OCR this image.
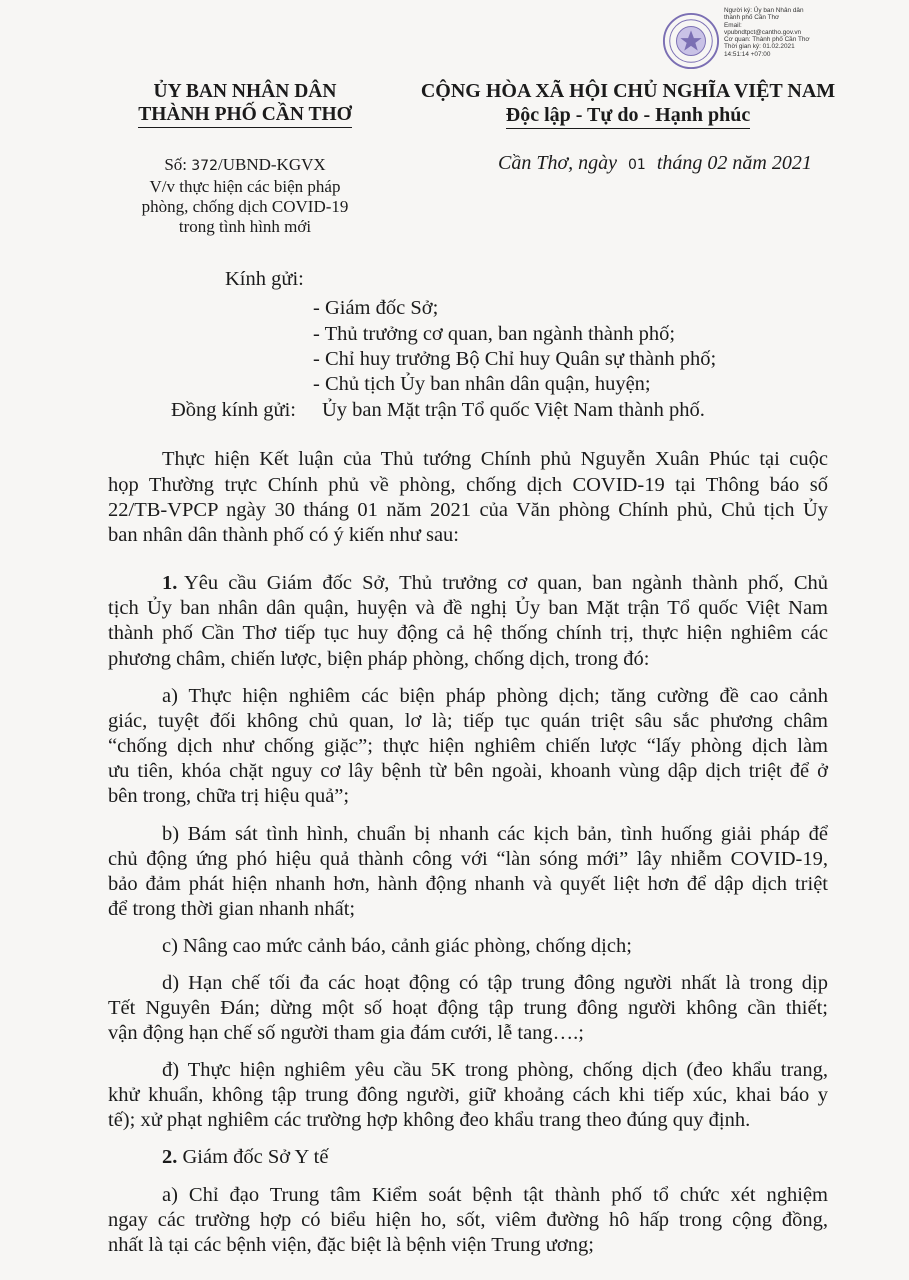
Người ký: Ủy ban Nhân dân
thành phố Cần Thơ
Email:
vpubndtpct@cantho.gov.vn
Cơ quan: Thành phố Cần Thơ
Thời gian ký: 01.02.2021
14:51:14 +07:00
ỦY BAN NHÂN DÂN
THÀNH PHỐ CẦN THƠ
CỘNG HÒA XÃ HỘI CHỦ NGHĨA VIỆT NAM
Độc lập - Tự do - Hạnh phúc
Số: 372/UBND-KGVX
V/v thực hiện các biện pháp
phòng, chống dịch COVID-19
trong tình hình mới
Cần Thơ, ngày 01 tháng 02 năm 2021
Kính gửi:
- Giám đốc Sở;
- Thủ trưởng cơ quan, ban ngành thành phố;
- Chỉ huy trưởng Bộ Chỉ huy Quân sự thành phố;
- Chủ tịch Ủy ban nhân dân quận, huyện;
Đồng kính gửi: Ủy ban Mặt trận Tổ quốc Việt Nam thành phố.
Thực hiện Kết luận của Thủ tướng Chính phủ Nguyễn Xuân Phúc tại cuộc
họp Thường trực Chính phủ về phòng, chống dịch COVID-19 tại Thông báo số
22/TB-VPCP ngày 30 tháng 01 năm 2021 của Văn phòng Chính phủ, Chủ tịch Ủy
ban nhân dân thành phố có ý kiến như sau:
1. Yêu cầu Giám đốc Sở, Thủ trưởng cơ quan, ban ngành thành phố, Chủ
tịch Ủy ban nhân dân quận, huyện và đề nghị Ủy ban Mặt trận Tổ quốc Việt Nam
thành phố Cần Thơ tiếp tục huy động cả hệ thống chính trị, thực hiện nghiêm các
phương châm, chiến lược, biện pháp phòng, chống dịch, trong đó:
a) Thực hiện nghiêm các biện pháp phòng dịch; tăng cường đề cao cảnh
giác, tuyệt đối không chủ quan, lơ là; tiếp tục quán triệt sâu sắc phương châm
“chống dịch như chống giặc”; thực hiện nghiêm chiến lược “lấy phòng dịch làm
ưu tiên, khóa chặt nguy cơ lây bệnh từ bên ngoài, khoanh vùng dập dịch triệt để ở
bên trong, chữa trị hiệu quả”;
b) Bám sát tình hình, chuẩn bị nhanh các kịch bản, tình huống giải pháp để
chủ động ứng phó hiệu quả thành công với “làn sóng mới” lây nhiễm COVID-19,
bảo đảm phát hiện nhanh hơn, hành động nhanh và quyết liệt hơn để dập dịch triệt
để trong thời gian nhanh nhất;
c) Nâng cao mức cảnh báo, cảnh giác phòng, chống dịch;
d) Hạn chế tối đa các hoạt động có tập trung đông người nhất là trong dịp
Tết Nguyên Đán; dừng một số hoạt động tập trung đông người không cần thiết;
vận động hạn chế số người tham gia đám cưới, lễ tang….;
đ) Thực hiện nghiêm yêu cầu 5K trong phòng, chống dịch (đeo khẩu trang,
khử khuẩn, không tập trung đông người, giữ khoảng cách khi tiếp xúc, khai báo y
tế); xử phạt nghiêm các trường hợp không đeo khẩu trang theo đúng quy định.
2. Giám đốc Sở Y tế
a) Chỉ đạo Trung tâm Kiểm soát bệnh tật thành phố tổ chức xét nghiệm
ngay các trường hợp có biểu hiện ho, sốt, viêm đường hô hấp trong cộng đồng,
nhất là tại các bệnh viện, đặc biệt là bệnh viện Trung ương;
